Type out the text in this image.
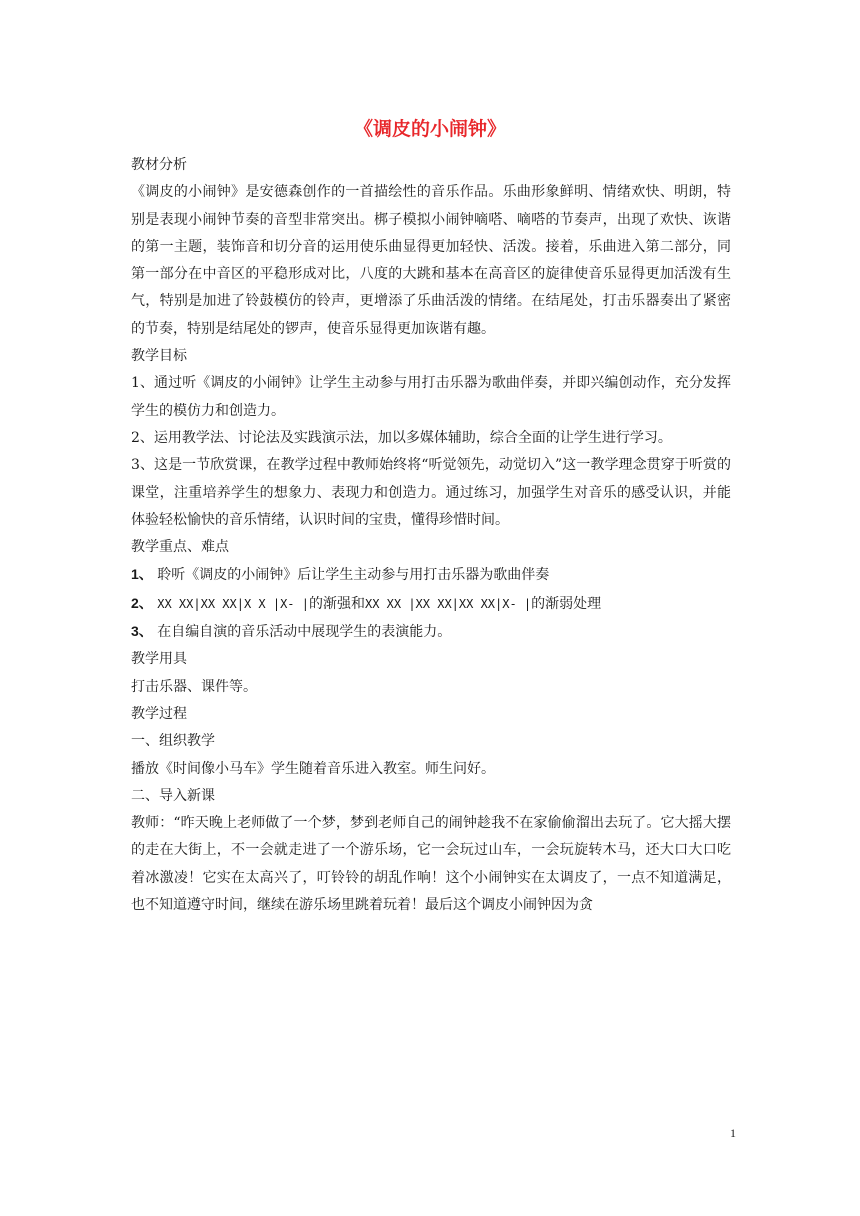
《调皮的小闹钟》

教材分析

《调皮的小闹钟》是安德森创作的一首描绘性的音乐作品。乐曲形象鲜明、情绪欢快、明朗，特别是表现小闹钟节奏的音型非常突出。梆子模拟小闹钟嘀嗒、嘀嗒的节奏声，出现了欢快、诙谐的第一主题，装饰音和切分音的运用使乐曲显得更加轻快、活泼。接着，乐曲进入第二部分，同第一部分在中音区的平稳形成对比，八度的大跳和基本在高音区的旋律使音乐显得更加活泼有生气，特别是加进了铃鼓模仿的铃声，更增添了乐曲活泼的情绪。在结尾处，打击乐器奏出了紧密的节奏，特别是结尾处的锣声，使音乐显得更加诙谐有趣。

教学目标

1、通过听《调皮的小闹钟》让学生主动参与用打击乐器为歌曲伴奏，并即兴编创动作，充分发挥学生的模仿力和创造力。

2、运用教学法、讨论法及实践演示法，加以多媒体辅助，综合全面的让学生进行学习。

3、这是一节欣赏课，在教学过程中教师始终将“听觉领先，动觉切入”这一教学理念贯穿于听赏的课堂，注重培养学生的想象力、表现力和创造力。通过练习，加强学生对音乐的感受认识，并能体验轻松愉快的音乐情绪，认识时间的宝贵，懂得珍惜时间。

教学重点、难点

1、 聆听《调皮的小闹钟》后让学生主动参与用打击乐器为歌曲伴奏

2、 XX XX|XX XX|X X |X- |的渐强和XX XX |XX XX|XX XX|X- |的渐弱处理

3、 在自编自演的音乐活动中展现学生的表演能力。

教学用具

打击乐器、课件等。

教学过程

一、组织教学

播放《时间像小马车》学生随着音乐进入教室。师生问好。

二、导入新课

教师：“昨天晚上老师做了一个梦，梦到老师自己的闹钟趁我不在家偷偷溜出去玩了。它大摇大摆的走在大街上，不一会就走进了一个游乐场，它一会玩过山车，一会玩旋转木马，还大口大口吃着冰激凌！它实在太高兴了，叮铃铃的胡乱作响！这个小闹钟实在太调皮了，一点不知道满足，也不知道遵守时间，继续在游乐场里跳着玩着！最后这个调皮小闹钟因为贪

1
